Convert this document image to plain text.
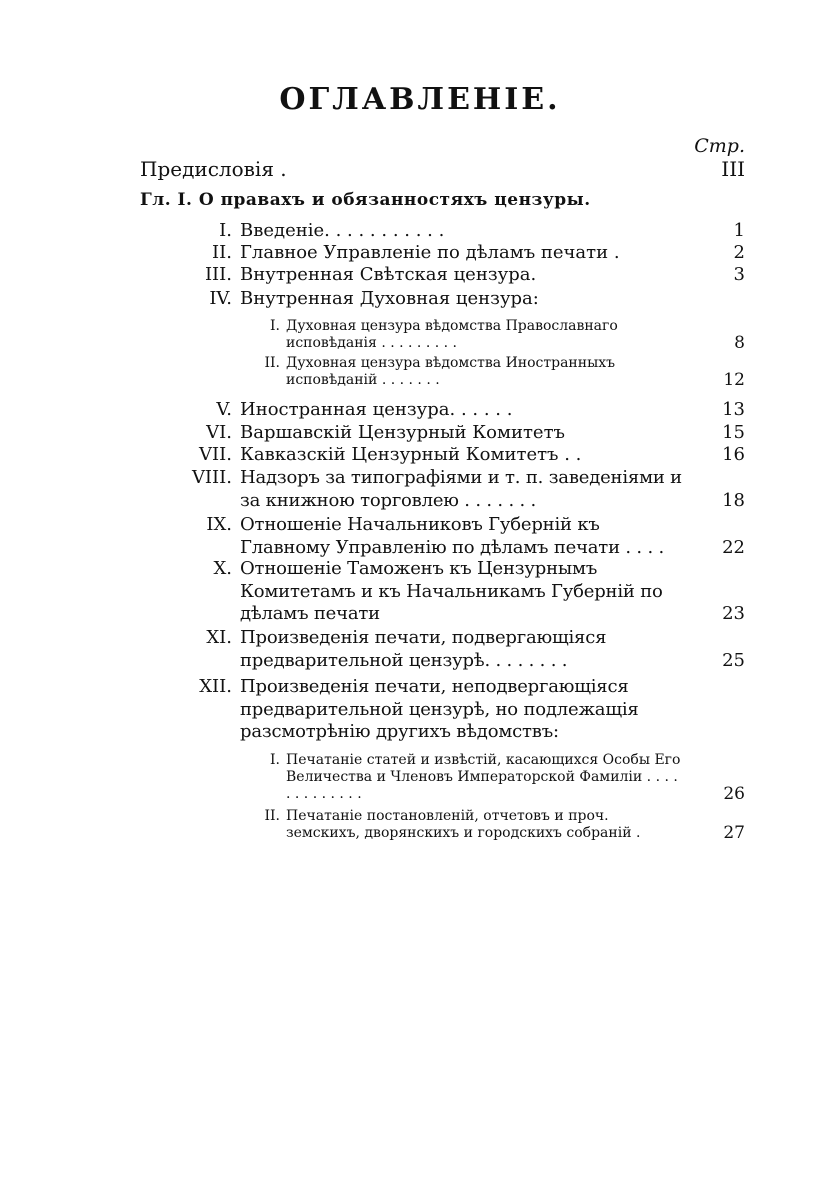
ОГЛАВЛЕНІЕ.
Стр.
Предисловія .	III
Гл. I. О правахъ и обязанностяхъ цензуры.
I. Введеніе. . . . . . . . . . .	1
II. Главное Управленіе по дѣламъ печати .	2
III. Внутренная Свѣтская цензура.	3
IV. Внутренная Духовная цензура:
I. Духовная цензура вѣдомства Православнаго исповѣданія . . . . . . . . .	8
II. Духовная цензура вѣдомства Иностранныхъ исповѣданій . . . . . . .	12
V. Иностранная цензура. . . . . .	13
VI. Варшавскій Цензурный Комитетъ	15
VII. Кавказскій Цензурный Комитетъ . .	16
VIII. Надзоръ за типографіями и т. п. заведеніями и за книжною торговлею . . . . . . .	18
IX. Отношеніе Начальниковъ Губерній къ Главному Управленію по дѣламъ печати . . . .	22
X. Отношеніе Таможенъ къ Цензурнымъ Комитетамъ и къ Начальникамъ Губерній по дѣламъ печати	23
XI. Произведенія печати, подвергающіяся предварительной цензурѣ. . . . . . . .	25
XII. Произведенія печати, неподвергающіяся предварительной цензурѣ, но подлежащія разсмотрѣнію другихъ вѣдомствъ:
I. Печатаніе статей и извѣстій, касающихся Особы Его Величества и Членовъ Императорской Фамиліи . . . . . . . . . . . . .	26
II. Печатаніе постановленій, отчетовъ и проч. земскихъ, дворянскихъ и городскихъ собраній .	27
